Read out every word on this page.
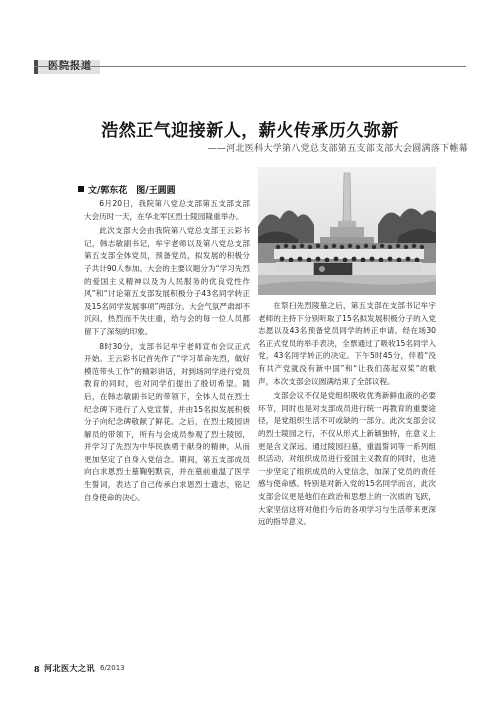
浩然正气迎接新人，薪火传承历久弥新
——河北医科大学第八党总支部第五支部支部大会圆满落下帷幕
文/郭东花　图/王圆圆

6月20日，我院第八党总支部第五支部支部大会历时一天，在华北军区烈士陵园隆重举办。

此次支部大会由我院第八党总支部王云彩书记，韩志敏副书记，牟宇老师以及第八党总支部第五支部全体党员，预备党员，拟发展的积极分子共计90人参加。大会的主要议题分为“学习先烈的爱国主义精神以及为人民服务的优良党性作风”和“讨论第五支部发展积极分子43名同学转正及15名同学发展事项”两部分。大会气氛严肃却不沉闷，热烈而不失庄重，给与会的每一位人员都留下了深刻的印象。

8时30分，支部书记牟宇老师宣布会议正式开始。王云彩书记首先作了“学习革命先烈，做好模范带头工作”的精彩讲话，对到场同学进行党员教育的同时，也对同学们提出了殷切希望。随后，在韩志敏副书记的带领下，全体人员在烈士纪念碑下进行了入党宣誓，并由15名拟发展积极分子向纪念碑敬献了鲜花。之后，在烈士陵园讲解员的带领下，所有与会成员参观了烈士陵园，并学习了先烈为中华民族勇于献身的精神，从而更加坚定了自身入党信念。期间，第五支部成员向白求恩烈士墓鞠躬默哀，并在墓前重温了医学生誓词，表达了自己传承白求恩烈士遗志，铭记自身使命的决心。

在祭扫先烈陵墓之后，第五支部在支部书记牟宇老师的主持下分别听取了15名拟发展积极分子的入党志愿以及43名预备党员同学的转正申请。经在场30名正式党员的举手表决，全票通过了吸收15名同学入党，43名同学转正的决定。下午5时45分，伴着“没有共产党就没有新中国”和“让我们荡起双桨”的歌声，本次支部会议圆满结束了全部议程。

支部会议不仅是党组织吸收优秀新鲜血液的必要环节，同时也是对支部成员进行统一再教育的重要途径，是党组织生活不可或缺的一部分。此次支部会议的烈士陵园之行，不仅从形式上新颖独特，在意义上更是含义深远。通过陵园扫墓，重温誓词等一系列组织活动，对组织成员进行爱国主义教育的同时，也进一步坚定了组织成员的入党信念，加深了党员的责任感与使命感。特别是对新入党的15名同学而言，此次支部会议更是他们在政治和思想上的一次质的飞跃，大家坚信这将对他们今后的各项学习与生活带来更深远的指导意义。

8 河北医大之讯 6/2013
